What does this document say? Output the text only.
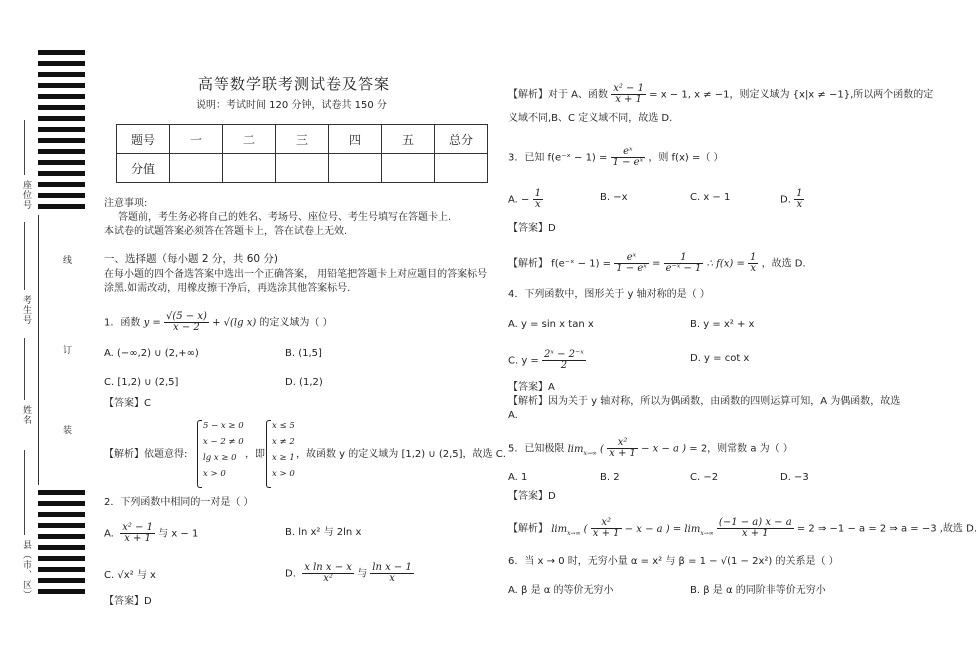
座位号
考生号
姓名
县（市、区）
线
订
装
高等数学联考测试卷及答案
说明：考试时间 120 分钟，试卷共 150 分
题号	一	二	三	四	五	总分
分值						
注意事项:
答题前，考生务必将自己的姓名、考场号、座位号、考生号填写在答题卡上.
本试卷的试题答案必须答在答题卡上，答在试卷上无效.
一、选择题（每小题 2 分，共 60 分)
在每小题的四个备选答案中选出一个正确答案， 用铅笔把答题卡上对应题目的答案标号
涂黑.如需改动，用橡皮擦干净后，再选涂其他答案标号.
1．函数 $y = \frac{√(5 - x)}{x - 2} + √(\lg$ x) 的定义域为（ ）
A. (−∞,2) ∪ (2,+∞)	B. (1,5]
C. [1,2) ∪ (2,5]	D. (1,2)
【答案】C
【解析】依题意得:
5 − x ≥ 0
x − 2 ≠ 0
lg x ≥ 0
x > 0
，即
x ≤ 5
x ≠ 2
x ≥ 1
x > 0
，故函数 y 的定义域为 [1,2) ∪ (2,5]，故选 C.
2．下列函数中相同的一对是（ ）
A. $\frac{\text{x² − 1}}{x + 1}$ 与 x − 1	B. ln x² 与 2ln x
C. √x² 与 x	D. $\frac{\text{x ln x − x}}{\text{x²}}$ 与 $\frac{\text{ln x − 1}}{x}$
【答案】D
【解析】对于 A、函数 $\frac{\text{x² − 1}}{x + 1} = x - 1$, x ≠ −1，则定义域为 {x|x ≠ −1},所以两个函数的定
义域不同,B、C 定义域不同，故选 D.
3．已知 f(e⁻ˣ − $1) = \frac{\text{eˣ}}{\text{1 − eˣ}}$ ，则 f(x) =（ ）
A. − $\frac{1}{x}$	B. −x	C. x − 1	D. $\frac{1}{x}$
【答案】D
【解析】 f(e⁻ˣ − $1) = \frac{\text{eˣ}}{\text{1 − eˣ}} = \frac{1}{\text{e⁻ˣ − 1}}$ ∴ $f(x) = \frac{1}{x}$ ，故选 D.
4．下列函数中，图形关于 y 轴对称的是（ ）
A. y = sin x tan x	B. y = x² + x
C. $y = \frac{\text{2ˣ − 2⁻ˣ}}{2}$	D. y = cot x
【答案】A
【解析】因为关于 y 轴对称，所以为偶函数，由函数的四则运算可知，A 为偶函数，故选
A.
5．已知极限 $\lim_{x\to\infty}$ ( $\frac{\text{x²}}{x + 1} - x - a$ ) = 2，则常数 a 为（ ）
A. 1	B. 2	C. −2	D. −3
【答案】D
【解析】 $\lim_{x\to\infty}$ ( $\frac{\text{x²}}{x + 1} - x - a$ ) = $\lim_{x\to\infty} \frac{(-1 - a) x - a}{x + 1} = 2$ ⇒ −1 − a = 2 ⇒ a = −3 ,故选 D.
6．当 x → 0 时，无穷小量 α = x² 与 β = 1 − √(1 − 2x²) 的关系是（ ）
A. β 是 α 的等价无穷小	B. β 是 α 的同阶非等价无穷小
